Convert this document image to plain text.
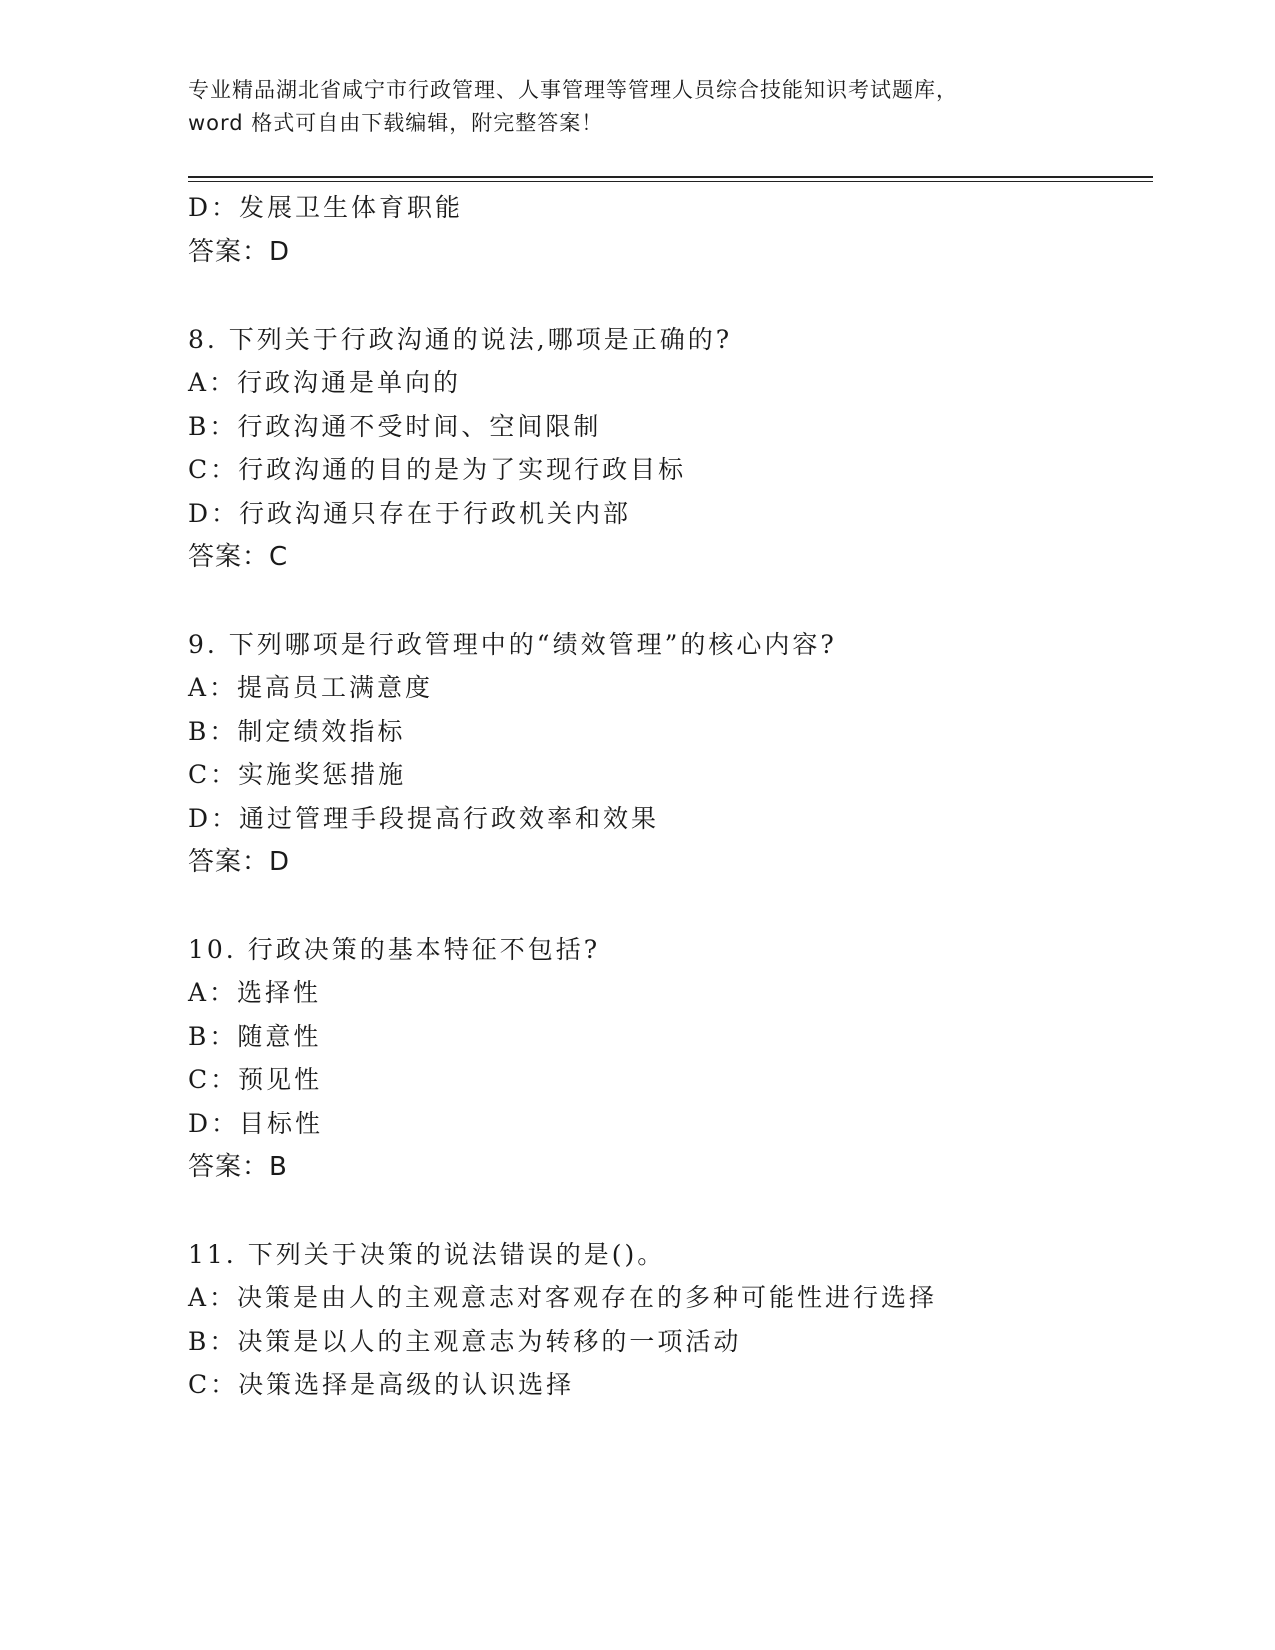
专业精品湖北省咸宁市行政管理、人事管理等管理人员综合技能知识考试题库，
word 格式可自由下载编辑，附完整答案！
D：发展卫生体育职能
答案：D
8. 下列关于行政沟通的说法,哪项是正确的?
A：行政沟通是单向的
B：行政沟通不受时间、空间限制
C：行政沟通的目的是为了实现行政目标
D：行政沟通只存在于行政机关内部
答案：C
9. 下列哪项是行政管理中的“绩效管理”的核心内容?
A：提高员工满意度
B：制定绩效指标
C：实施奖惩措施
D：通过管理手段提高行政效率和效果
答案：D
10. 行政决策的基本特征不包括?
A：选择性
B：随意性
C：预见性
D：目标性
答案：B
11. 下列关于决策的说法错误的是()。
A：决策是由人的主观意志对客观存在的多种可能性进行选择
B：决策是以人的主观意志为转移的一项活动
C：决策选择是高级的认识选择
